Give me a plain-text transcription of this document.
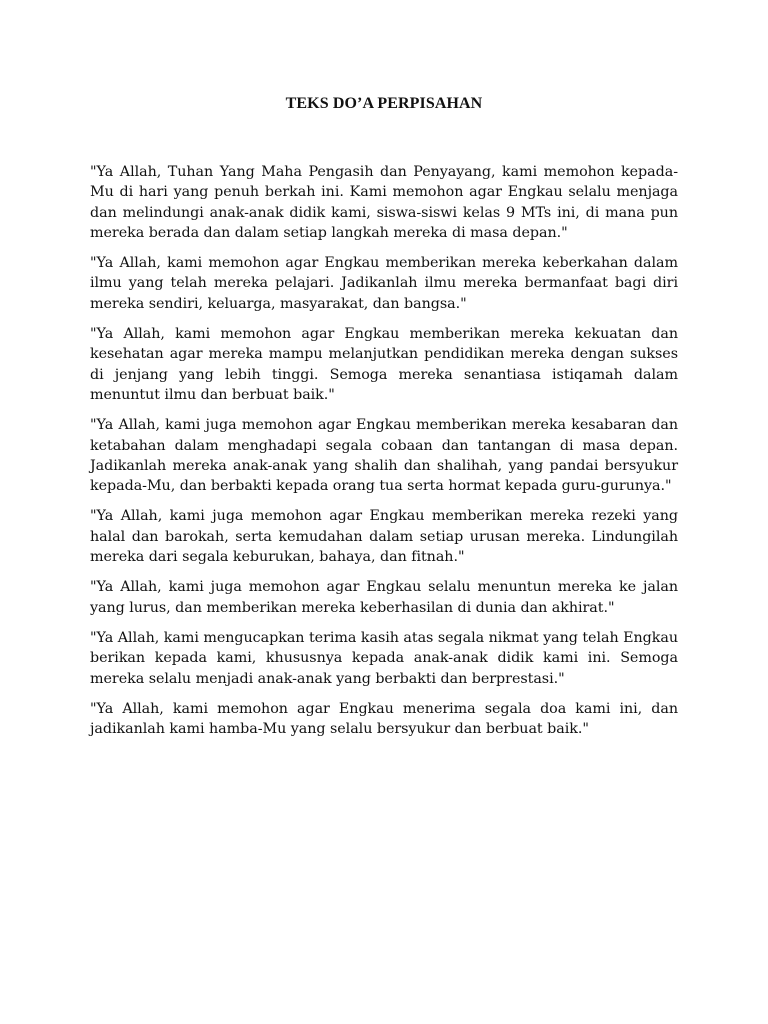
TEKS DO’A PERPISAHAN

"Ya Allah, Tuhan Yang Maha Pengasih dan Penyayang, kami memohon kepada-Mu di hari yang penuh berkah ini. Kami memohon agar Engkau selalu menjaga dan melindungi anak-anak didik kami, siswa-siswi kelas 9 MTs ini, di mana pun mereka berada dan dalam setiap langkah mereka di masa depan."

"Ya Allah, kami memohon agar Engkau memberikan mereka keberkahan dalam ilmu yang telah mereka pelajari. Jadikanlah ilmu mereka bermanfaat bagi diri mereka sendiri, keluarga, masyarakat, dan bangsa."

"Ya Allah, kami memohon agar Engkau memberikan mereka kekuatan dan kesehatan agar mereka mampu melanjutkan pendidikan mereka dengan sukses di jenjang yang lebih tinggi. Semoga mereka senantiasa istiqamah dalam menuntut ilmu dan berbuat baik."

"Ya Allah, kami juga memohon agar Engkau memberikan mereka kesabaran dan ketabahan dalam menghadapi segala cobaan dan tantangan di masa depan. Jadikanlah mereka anak-anak yang shalih dan shalihah, yang pandai bersyukur kepada-Mu, dan berbakti kepada orang tua serta hormat kepada guru-gurunya."

"Ya Allah, kami juga memohon agar Engkau memberikan mereka rezeki yang halal dan barokah, serta kemudahan dalam setiap urusan mereka. Lindungilah mereka dari segala keburukan, bahaya, dan fitnah."

"Ya Allah, kami juga memohon agar Engkau selalu menuntun mereka ke jalan yang lurus, dan memberikan mereka keberhasilan di dunia dan akhirat."

"Ya Allah, kami mengucapkan terima kasih atas segala nikmat yang telah Engkau berikan kepada kami, khususnya kepada anak-anak didik kami ini. Semoga mereka selalu menjadi anak-anak yang berbakti dan berprestasi."

"Ya Allah, kami memohon agar Engkau menerima segala doa kami ini, dan jadikanlah kami hamba-Mu yang selalu bersyukur dan berbuat baik."
